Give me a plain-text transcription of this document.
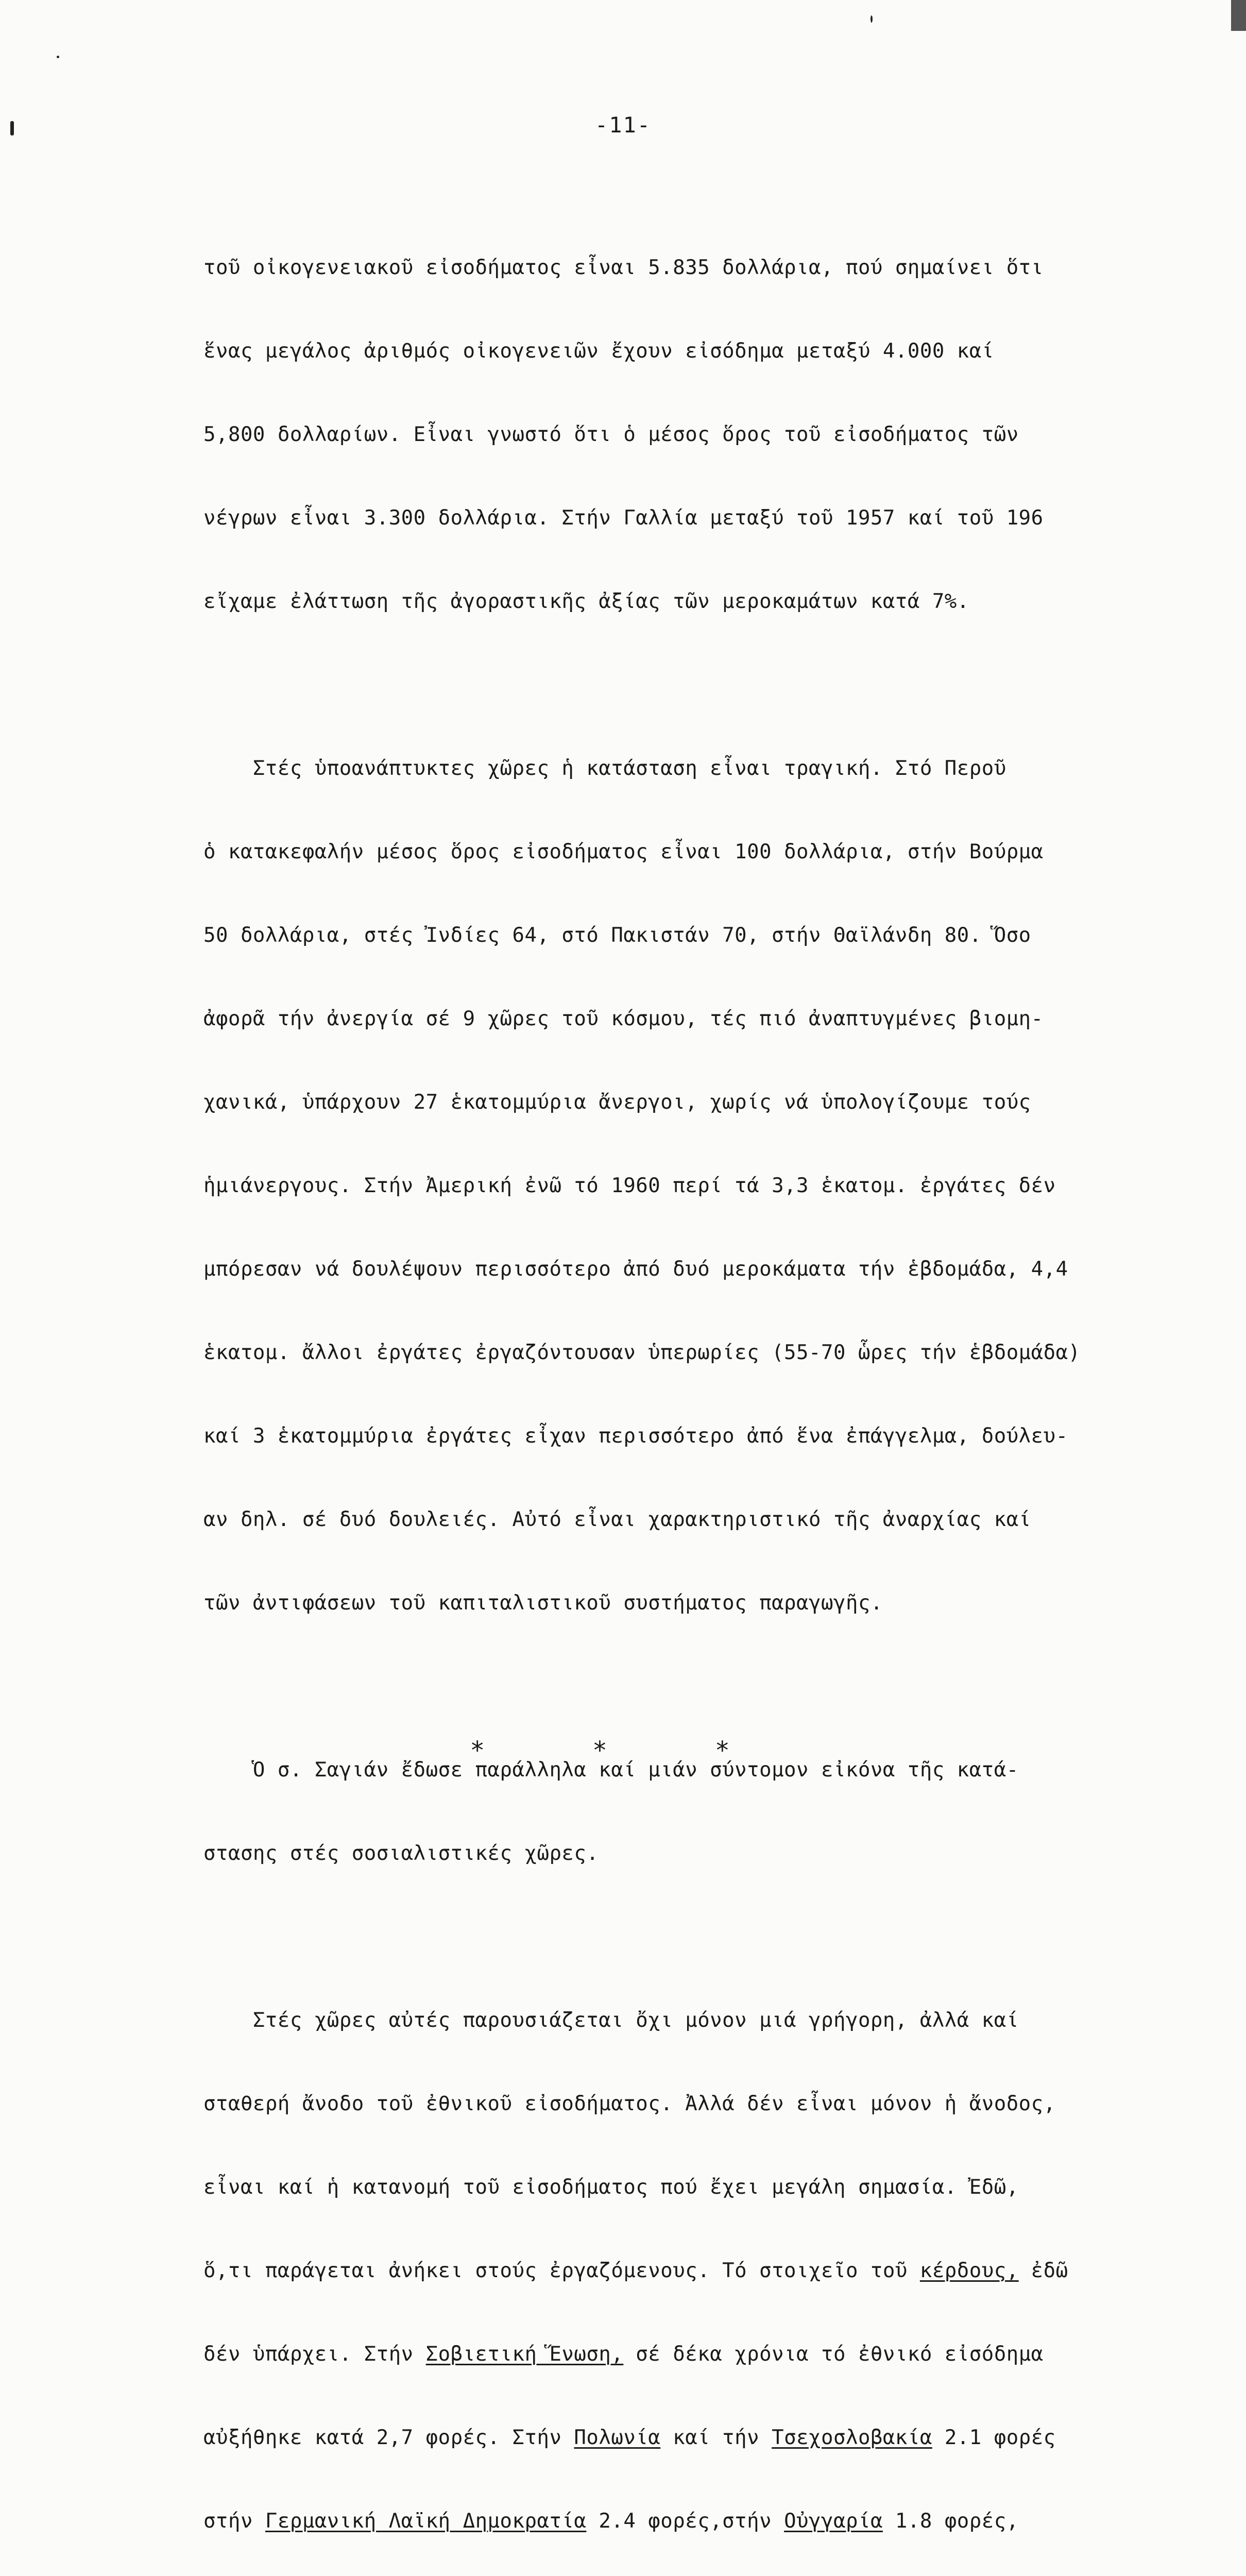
-11-

τοῦ οἰκογενειακοῦ εἰσοδήματος εἶναι 5.835 δολλάρια, πού σημαίνει ὅτι

ἕνας μεγάλος ἀριθμός οἰκογενειῶν ἔχουν εἰσόδημα μεταξύ 4.000 καί

5,800 δολλαρίων. Εἶναι γνωστό ὅτι ὁ μέσος ὅρος τοῦ εἰσοδήματος τῶν

νέγρων εἶναι 3.300 δολλάρια. Στήν Γαλλία μεταξύ τοῦ 1957 καί τοῦ 196

εἴχαμε ἐλάττωση τῆς ἀγοραστικῆς ἀξίας τῶν μεροκαμάτων κατά 7%.

Στές ὑποανάπτυκτες χῶρες ἡ κατάσταση εἶναι τραγική. Στό Περοῦ

ὁ κατακεφαλήν μέσος ὅρος εἰσοδήματος εἶναι 100 δολλάρια, στήν Βούρμα

50 δολλάρια, στές Ἰνδίες 64, στό Πακιστάν 70, στήν Θαϊλάνδη 80. Ὅσο

ἀφορᾶ τήν ἀνεργία σέ 9 χῶρες τοῦ κόσμου, τές πιό ἀναπτυγμένες βιομη-

χανικά, ὑπάρχουν 27 ἑκατομμύρια ἄνεργοι, χωρίς νά ὑπολογίζουμε τούς

ἡμιάνεργους. Στήν Ἀμερική ἐνῶ τό 1960 περί τά 3,3 ἑκατομ. ἐργάτες δέν

μπόρεσαν νά δουλέψουν περισσότερο ἀπό δυό μεροκάματα τήν ἑβδομάδα, 4,4

ἑκατομ. ἄλλοι ἐργάτες ἐργαζόντουσαν ὑπερωρίες (55-70 ὧρες τήν ἑβδομάδα)

καί 3 ἑκατομμύρια ἐργάτες εἶχαν περισσότερο ἀπό ἕνα ἐπάγγελμα, δούλευ-

αν δηλ. σέ δυό δουλειές. Αὐτό εἶναι χαρακτηριστικό τῆς ἀναρχίας καί

τῶν ἀντιφάσεων τοῦ καπιταλιστικοῦ συστήματος παραγωγῆς.

Ὁ σ. Σαγιάν ἔδωσε παράλληλα καί μιάν σύντομον εἰκόνα τῆς κατά-

στασης στές σοσιαλιστικές χῶρες.

Στές χῶρες αὐτές παρουσιάζεται ὄχι μόνον μιά γρήγορη, ἀλλά καί

σταθερή ἄνοδο τοῦ ἐθνικοῦ εἰσοδήματος. Ἀλλά δέν εἶναι μόνον ἡ ἄνοδος,

εἶναι καί ἡ κατανομή τοῦ εἰσοδήματος πού ἔχει μεγάλη σημασία. Ἐδῶ,

ὅ,τι παράγεται ἀνήκει στούς ἐργαζόμενους. Τό στοιχεῖο τοῦ κέρδους, ἐδῶ

δέν ὑπάρχει. Στήν Σοβιετική Ἕνωση, σέ δέκα χρόνια τό ἐθνικό εἰσόδημα

αὐξήθηκε κατά 2,7 φορές. Στήν Πολωνία καί τήν Τσεχοσλοβακία 2.1 φορές

στήν Γερμανική Λαϊκή Δημοκρατία 2.4 φορές,στήν Οὐγγαρία 1.8 φορές,

* * *
